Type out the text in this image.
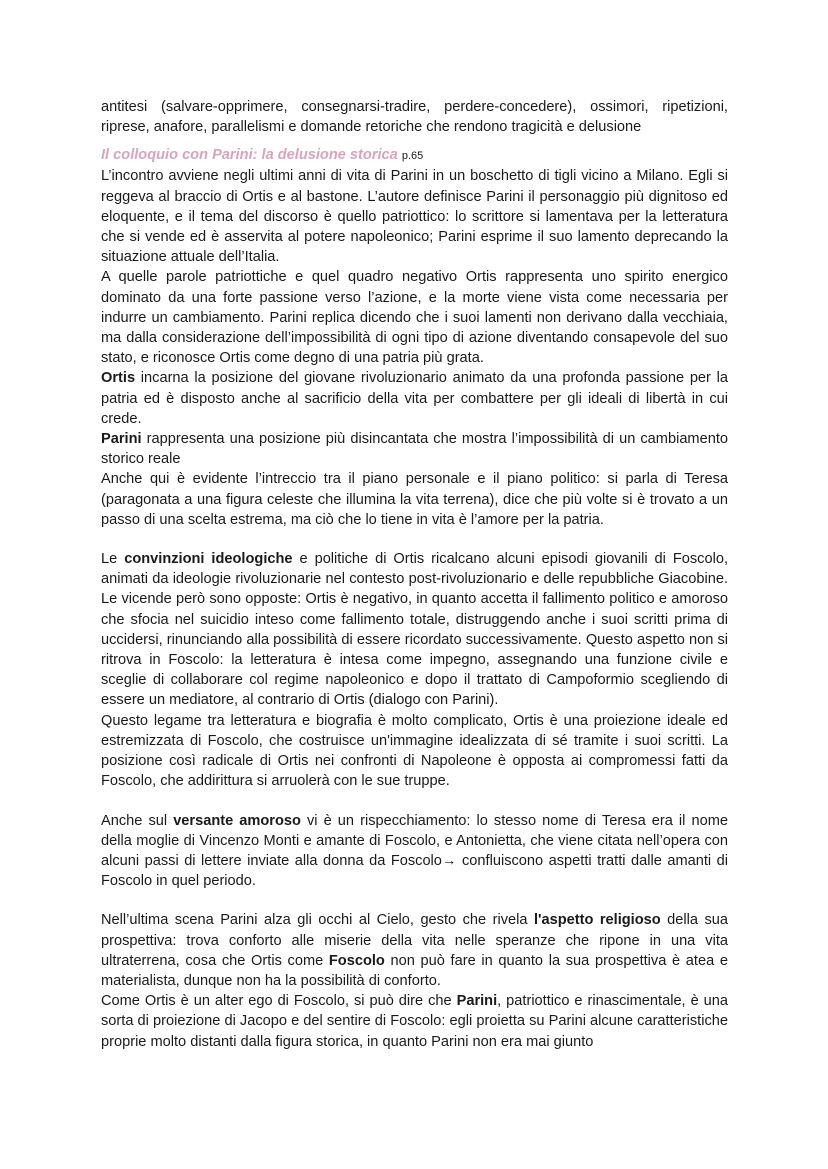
antitesi (salvare-opprimere, consegnarsi-tradire, perdere-concedere), ossimori, ripetizioni, riprese, anafore, parallelismi e domande retoriche che rendono tragicità e delusione

Il colloquio con Parini: la delusione storica p.65

L’incontro avviene negli ultimi anni di vita di Parini in un boschetto di tigli vicino a Milano. Egli si reggeva al braccio di Ortis e al bastone. L’autore definisce Parini il personaggio più dignitoso ed eloquente, e il tema del discorso è quello patriottico: lo scrittore si lamentava per la letteratura che si vende ed è asservita al potere napoleonico; Parini esprime il suo lamento deprecando la situazione attuale dell’Italia.

A quelle parole patriottiche e quel quadro negativo Ortis rappresenta uno spirito energico dominato da una forte passione verso l’azione, e la morte viene vista come necessaria per indurre un cambiamento. Parini replica dicendo che i suoi lamenti non derivano dalla vecchiaia, ma dalla considerazione dell’impossibilità di ogni tipo di azione diventando consapevole del suo stato, e riconosce Ortis come degno di una patria più grata.

Ortis incarna la posizione del giovane rivoluzionario animato da una profonda passione per la patria ed è disposto anche al sacrificio della vita per combattere per gli ideali di libertà in cui crede.

Parini rappresenta una posizione più disincantata che mostra l’impossibilità di un cambiamento storico reale

Anche qui è evidente l’intreccio tra il piano personale e il piano politico: si parla di Teresa (paragonata a una figura celeste che illumina la vita terrena), dice che più volte si è trovato a un passo di una scelta estrema, ma ciò che lo tiene in vita è l’amore per la patria.

Le convinzioni ideologiche e politiche di Ortis ricalcano alcuni episodi giovanili di Foscolo, animati da ideologie rivoluzionarie nel contesto post-rivoluzionario e delle repubbliche Giacobine. Le vicende però sono opposte: Ortis è negativo, in quanto accetta il fallimento politico e amoroso che sfocia nel suicidio inteso come fallimento totale, distruggendo anche i suoi scritti prima di uccidersi, rinunciando alla possibilità di essere ricordato successivamente. Questo aspetto non si ritrova in Foscolo: la letteratura è intesa come impegno, assegnando una funzione civile e sceglie di collaborare col regime napoleonico e dopo il trattato di Campoformio scegliendo di essere un mediatore, al contrario di Ortis (dialogo con Parini).

Questo legame tra letteratura e biografia è molto complicato, Ortis è una proiezione ideale ed estremizzata di Foscolo, che costruisce un'immagine idealizzata di sé tramite i suoi scritti. La posizione così radicale di Ortis nei confronti di Napoleone è opposta ai compromessi fatti da Foscolo, che addirittura si arruolerà con le sue truppe.

Anche sul versante amoroso vi è un rispecchiamento: lo stesso nome di Teresa era il nome della moglie di Vincenzo Monti e amante di Foscolo, e Antonietta, che viene citata nell’opera con alcuni passi di lettere inviate alla donna da Foscolo→ confluiscono aspetti tratti dalle amanti di Foscolo in quel periodo.

Nell’ultima scena Parini alza gli occhi al Cielo, gesto che rivela l'aspetto religioso della sua prospettiva: trova conforto alle miserie della vita nelle speranze che ripone in una vita ultraterrena, cosa che Ortis come Foscolo non può fare in quanto la sua prospettiva è atea e materialista, dunque non ha la possibilità di conforto.

Come Ortis è un alter ego di Foscolo, si può dire che Parini, patriottico e rinascimentale, è una sorta di proiezione di Jacopo e del sentire di Foscolo: egli proietta su Parini alcune caratteristiche proprie molto distanti dalla figura storica, in quanto Parini non era mai giunto
